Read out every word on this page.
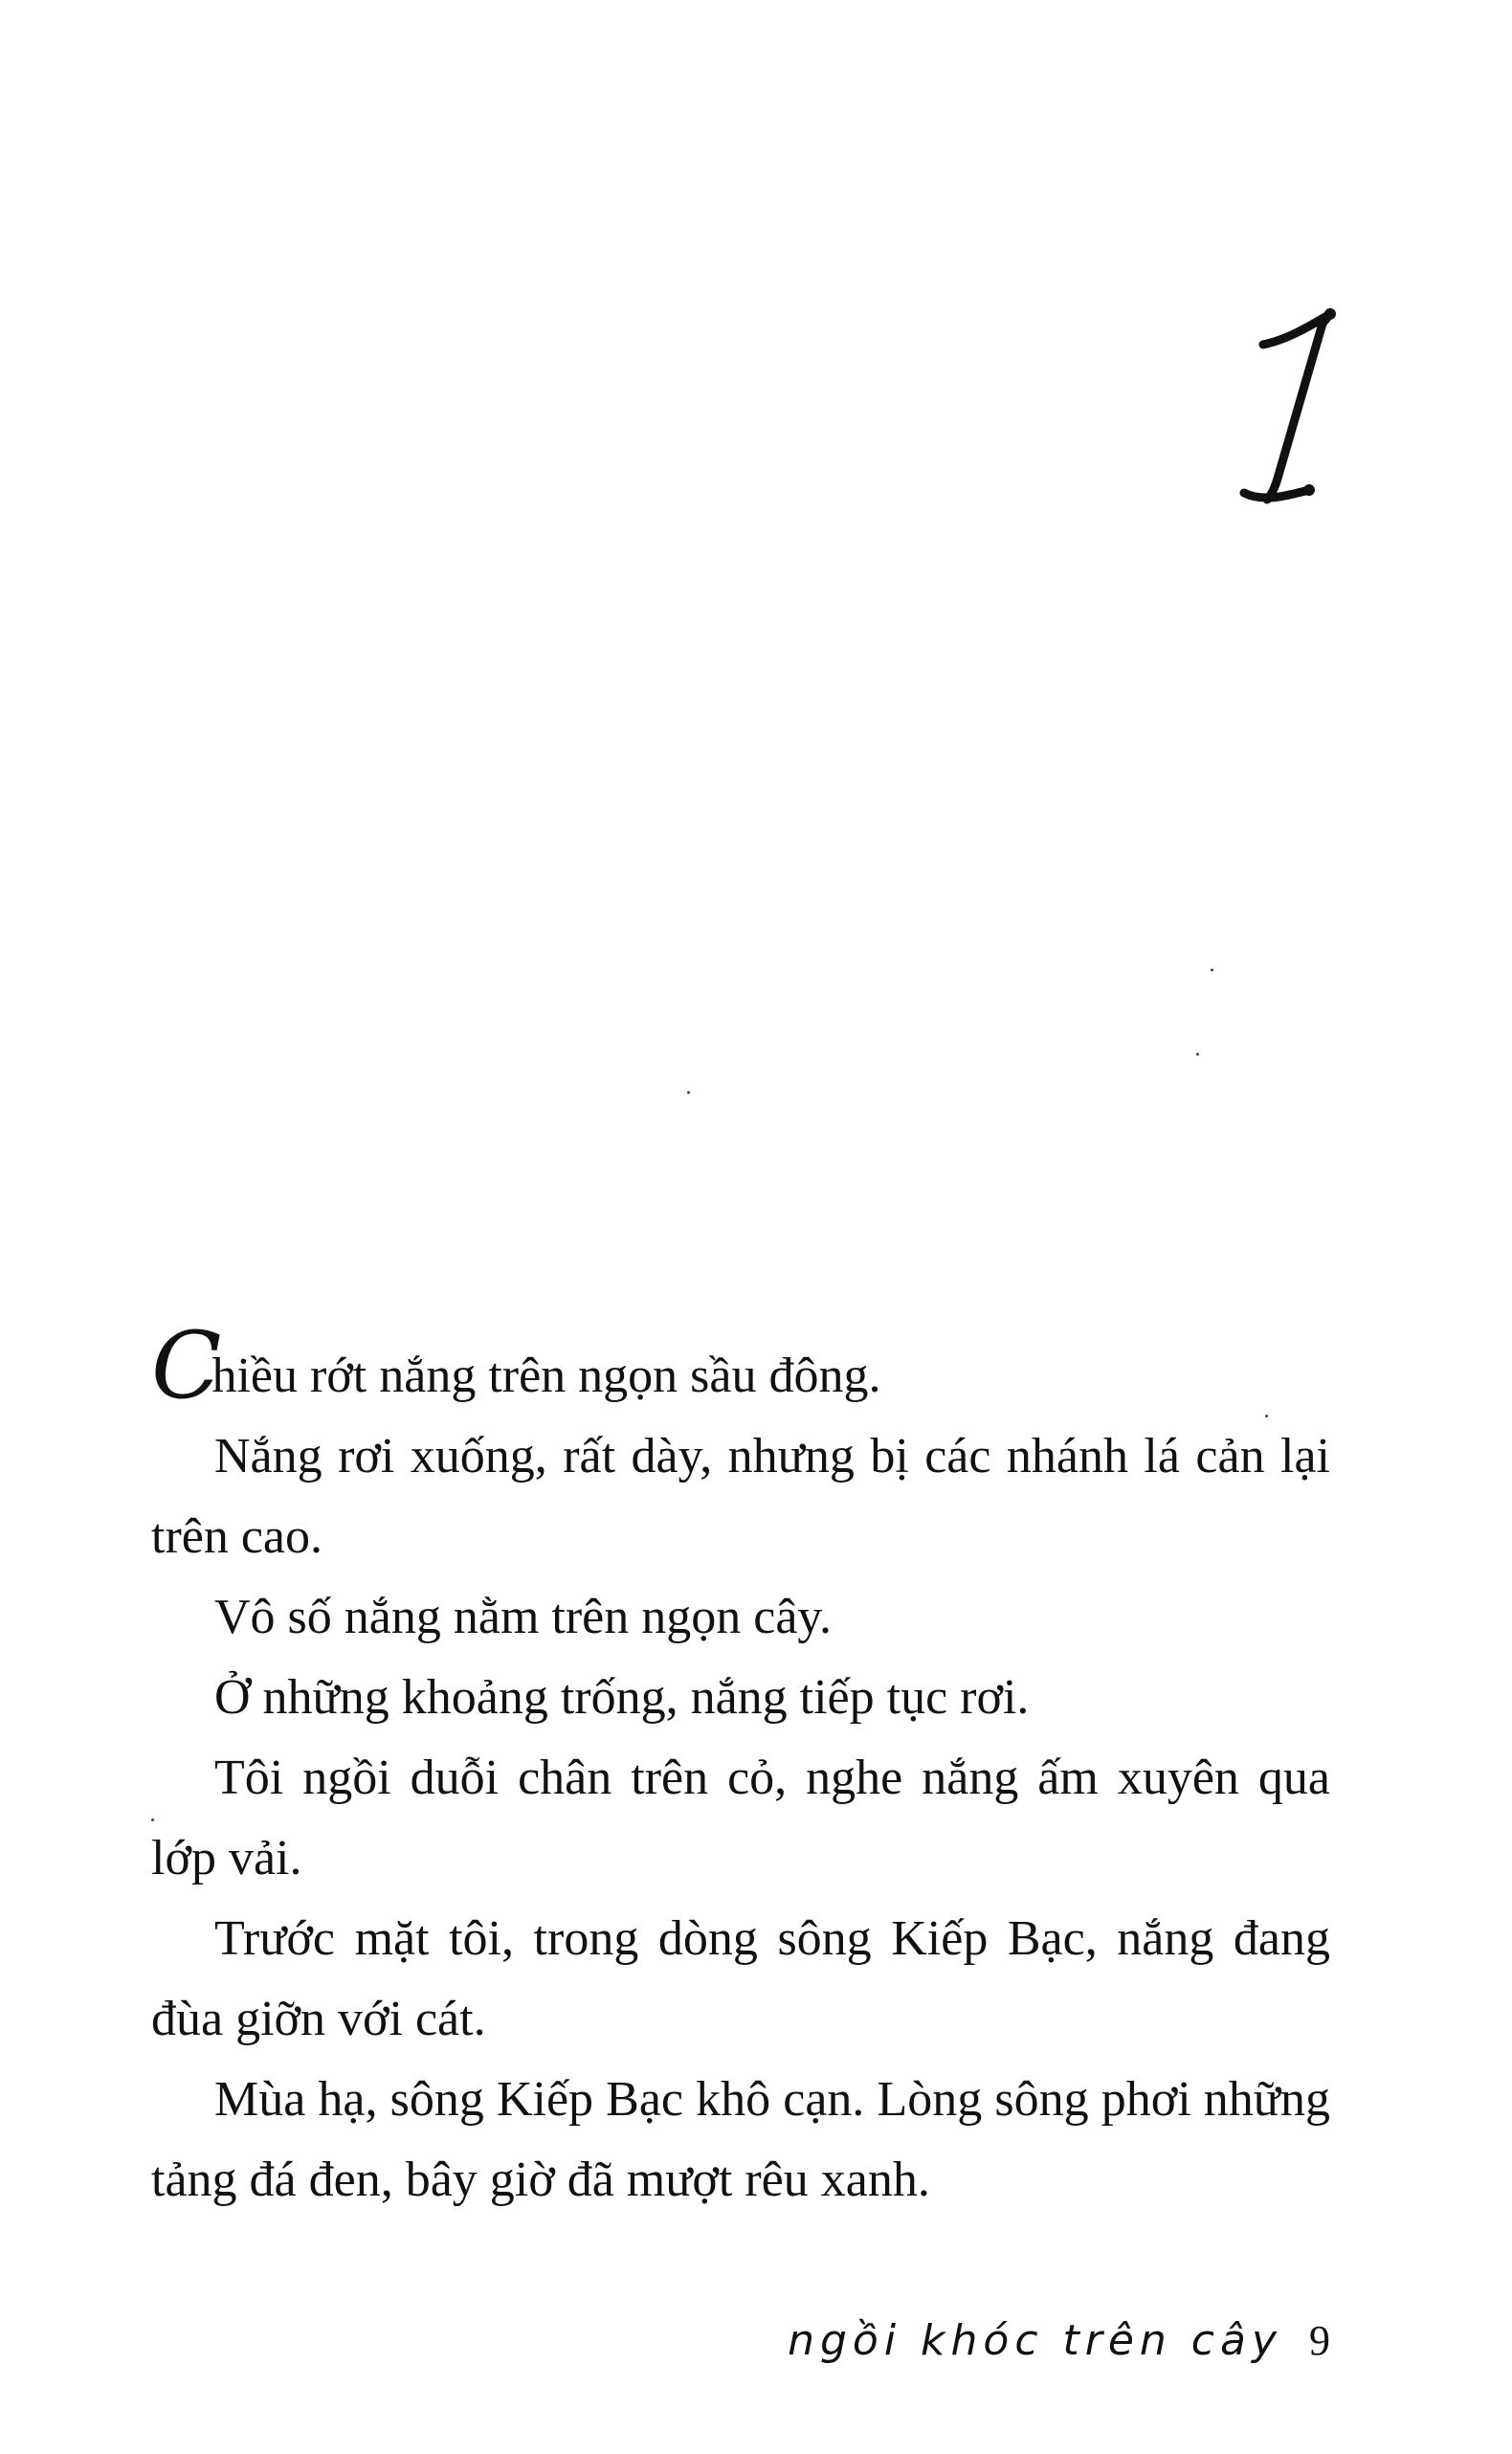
Chiều rớt nắng trên ngọn sầu đông.

Nắng rơi xuống, rất dày, nhưng bị các nhánh lá cản lại trên cao.

Vô số nắng nằm trên ngọn cây.

Ở những khoảng trống, nắng tiếp tục rơi.

Tôi ngồi duỗi chân trên cỏ, nghe nắng ấm xuyên qua lớp vải.

Trước mặt tôi, trong dòng sông Kiếp Bạc, nắng đang đùa giỡn với cát.

Mùa hạ, sông Kiếp Bạc khô cạn. Lòng sông phơi những tảng đá đen, bây giờ đã mượt rêu xanh.

ngồi khóc trên cây 9
